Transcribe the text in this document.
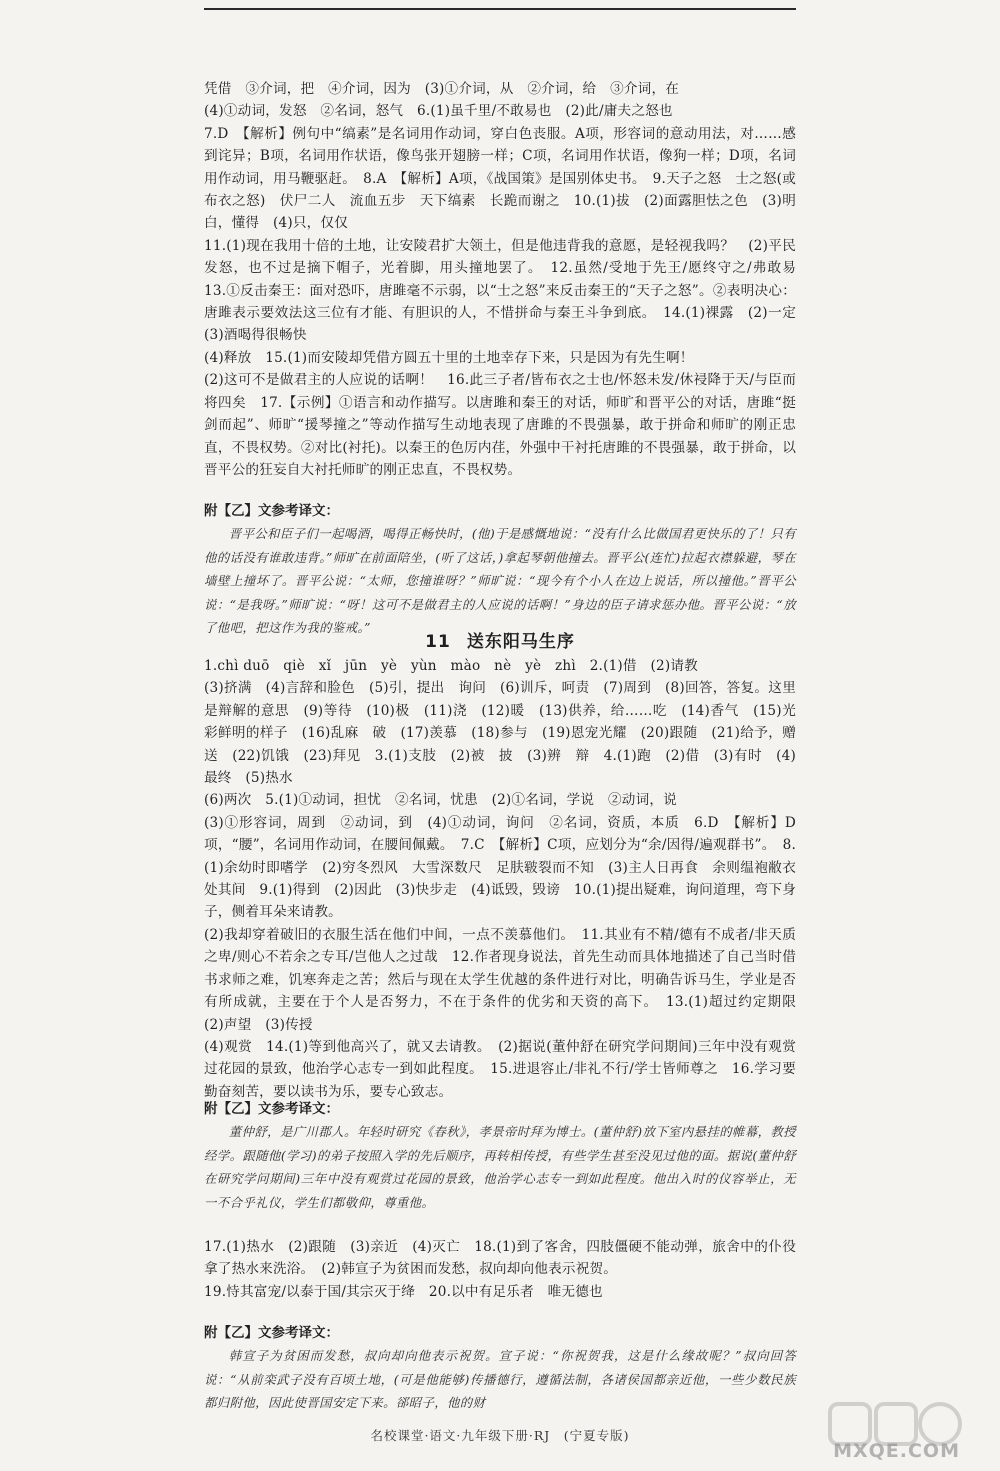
凭借　③介词，把　④介词，因为　(3)①介词，从　②介词，给　③介词，在

(4)①动词，发怒　②名词，怒气　6.(1)虽千里/不敢易也　(2)此/庸夫之怒也

7.D　【解析】例句中“缟素”是名词用作动词，穿白色丧服。A项，形容词的意动用法，对……感到诧异；B项，名词用作状语，像鸟张开翅膀一样；C项，名词用作状语，像狗一样；D项，名词用作动词，用马鞭驱赶。　8.A　【解析】A项，《战国策》是国别体史书。　9.天子之怒　士之怒(或布衣之怒)　伏尸二人　流血五步　天下缟素　长跪而谢之　10.(1)拔　(2)面露胆怯之色　(3)明白，懂得　(4)只，仅仅

11.(1)现在我用十倍的土地，让安陵君扩大领土，但是他违背我的意愿，是轻视我吗？　(2)平民发怒，也不过是摘下帽子，光着脚，用头撞地罢了。　12.虽然/受地于先王/愿终守之/弗敢易　13.①反击秦王：面对恐吓，唐雎毫不示弱，以“士之怒”来反击秦王的“天子之怒”。②表明决心：唐雎表示要效法这三位有才能、有胆识的人，不惜拼命与秦王斗争到底。　14.(1)裸露　(2)一定　(3)酒喝得很畅快

(4)释放　15.(1)而安陵却凭借方圆五十里的土地幸存下来，只是因为有先生啊！

(2)这可不是做君主的人应说的话啊！　16.此三子者/皆布衣之士也/怀怒未发/休祲降于天/与臣而将四矣　17.【示例】①语言和动作描写。以唐雎和秦王的对话，师旷和晋平公的对话，唐雎“挺剑而起”、师旷“援琴撞之”等动作描写生动地表现了唐雎的不畏强暴，敢于拼命和师旷的刚正忠直，不畏权势。②对比(衬托)。以秦王的色厉内荏，外强中干衬托唐雎的不畏强暴，敢于拼命，以晋平公的狂妄自大衬托师旷的刚正忠直，不畏权势。

附【乙】文参考译文：

晋平公和臣子们一起喝酒，喝得正畅快时，(他)于是感慨地说：“没有什么比做国君更快乐的了！只有他的话没有谁敢违背。”师旷在前面陪坐，(听了这话，)拿起琴朝他撞去。晋平公(连忙)拉起衣襟躲避，琴在墙壁上撞坏了。晋平公说：“太师，您撞谁呀？”师旷说：“现今有个小人在边上说话，所以撞他。”晋平公说：“是我呀。”师旷说：“呀！这可不是做君主的人应说的话啊！”身边的臣子请求惩办他。晋平公说：“放了他吧，把这作为我的鉴戒。”

11 送东阳马生序

1.chì duō　qiè　xǐ　jūn　yè　yùn　mào　nè　yè　zhì　2.(1)借　(2)请教

(3)挤满　(4)言辞和脸色　(5)引，提出　询问　(6)训斥，呵责　(7)周到　(8)回答，答复。这里是辩解的意思　(9)等待　(10)极　(11)浇　(12)暖　(13)供养，给……吃　(14)香气　(15)光彩鲜明的样子　(16)乱麻　破　(17)羡慕　(18)参与　(19)恩宠光耀　(20)跟随　(21)给予，赠送　(22)饥饿　(23)拜见　3.(1)支肢　(2)被　披　(3)辨　辩　4.(1)跑　(2)借　(3)有时　(4)最终　(5)热水

(6)两次　5.(1)①动词，担忧　②名词，忧患　(2)①名词，学说　②动词，说

(3)①形容词，周到　②动词，到　(4)①动词，询问　②名词，资质，本质　6.D　【解析】D项，“腰”，名词用作动词，在腰间佩戴。　7.C　【解析】C项，应划分为“余/因得/遍观群书”。　8.(1)余幼时即嗜学　(2)穷冬烈风　大雪深数尺　足肤皲裂而不知　(3)主人日再食　余则缊袍敝衣处其间　9.(1)得到　(2)因此　(3)快步走　(4)诋毁，毁谤　10.(1)提出疑难，询问道理，弯下身子，侧着耳朵来请教。

(2)我却穿着破旧的衣服生活在他们中间，一点不羡慕他们。　11.其业有不精/德有不成者/非天质之卑/则心不若余之专耳/岂他人之过哉　12.作者现身说法，首先生动而具体地描述了自己当时借书求师之难，饥寒奔走之苦；然后与现在太学生优越的条件进行对比，明确告诉马生，学业是否有所成就，主要在于个人是否努力，不在于条件的优劣和天资的高下。　13.(1)超过约定期限　(2)声望　(3)传授

(4)观赏　14.(1)等到他高兴了，就又去请教。　(2)据说(董仲舒在研究学问期间)三年中没有观赏过花园的景致，他治学心志专一到如此程度。　15.进退容止/非礼不行/学士皆师尊之　16.学习要勤奋刻苦，要以读书为乐，要专心致志。

附【乙】文参考译文：

董仲舒，是广川郡人。年轻时研究《春秋》，孝景帝时拜为博士。(董仲舒)放下室内悬挂的帷幕，教授经学。跟随他(学习)的弟子按照入学的先后顺序，再转相传授，有些学生甚至没见过他的面。据说(董仲舒在研究学问期间)三年中没有观赏过花园的景致，他治学心志专一到如此程度。他出入时的仪容举止，无一不合乎礼仪，学生们都敬仰，尊重他。

17.(1)热水　(2)跟随　(3)亲近　(4)灭亡　18.(1)到了客舍，四肢僵硬不能动弹，旅舍中的仆役拿了热水来洗浴。　(2)韩宣子为贫困而发愁，叔向却向他表示祝贺。

19.恃其富宠/以泰于国/其宗灭于绛　20.以中有足乐者　唯无德也

附【乙】文参考译文：

韩宣子为贫困而发愁，叔向却向他表示祝贺。宣子说：“你祝贺我，这是什么缘故呢？”叔向回答说：“从前栾武子没有百顷土地，(可是他能够)传播德行，遵循法制，各诸侯国都亲近他，一些少数民族都归附他，因此使晋国安定下来。郤昭子，他的财

名校课堂·语文·九年级下册·RJ　(宁夏专版)
MXQE.COM
